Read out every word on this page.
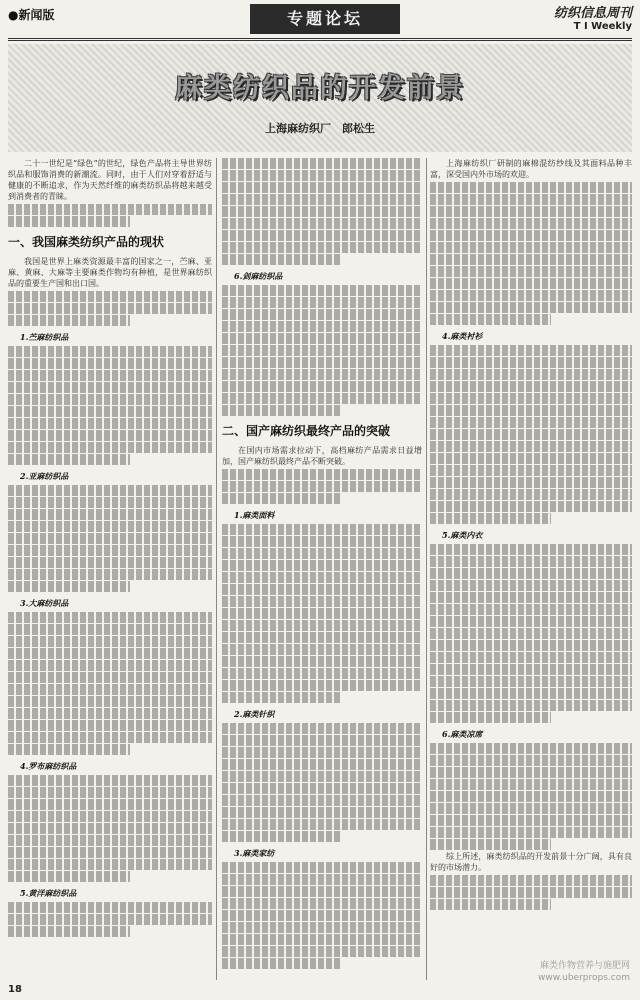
●新闻版	专题论坛	纺织信息周刊
T I Weekly
麻类纺织品的开发前景
上海麻纺织厂　郎松生

二十一世纪是“绿色”的世纪，绿色产品将主导世界纺织品和服饰消费的新潮流。同时，由于人们对穿着舒适与健康的不断追求，作为天然纤维的麻类纺织品将越来越受到消费者的青睐。

一、我国麻类纺织产品的现状

我国是世界上麻类资源最丰富的国家之一，苎麻、亚麻、黄麻、大麻等主要麻类作物均有种植，是世界麻纺织品的重要生产国和出口国。

1.苎麻纺织品
2.亚麻纺织品
3.大麻纺织品
4.罗布麻纺织品
5.黄洋麻纺织品
6.剑麻纺织品
二、国产麻纺织最终产品的突破

在国内市场需求拉动下，高档麻纺产品需求日益增加，国产麻纺织最终产品不断突破。

1.麻类面料
2.麻类针织
3.麻类家纺

上海麻纺织厂研制的麻棉混纺纱线及其面料品种丰富，深受国内外市场的欢迎。

4.麻类衬衫
5.麻类内衣
6.麻类凉席

综上所述，麻类纺织品的开发前景十分广阔，具有良好的市场潜力。

18
麻类作物营养与施肥网
www.uberprops.com
